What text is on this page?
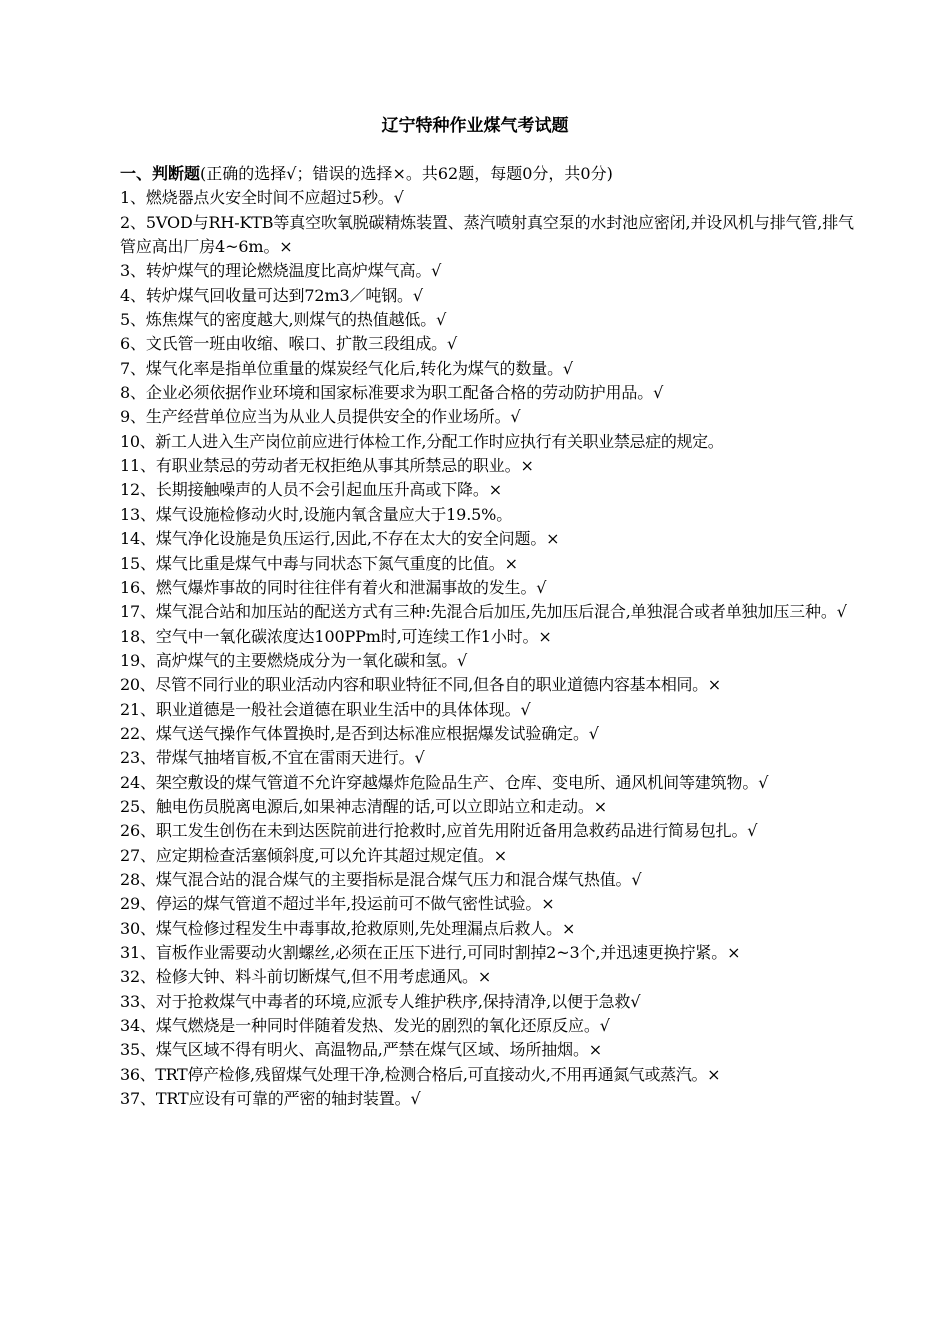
辽宁特种作业煤气考试题
一、判断题(正确的选择√；错误的选择×。共62题，每题0分，共0分)

1、燃烧器点火安全时间不应超过5秒。√

2、5VOD与RH-KTB等真空吹氧脱碳精炼装置、蒸汽喷射真空泵的水封池应密闭,并设风机与排气管,排气管应高出厂房4~6m。×

3、转炉煤气的理论燃烧温度比高炉煤气高。√

4、转炉煤气回收量可达到72m3／吨钢。√

5、炼焦煤气的密度越大,则煤气的热值越低。√

6、文氏管一班由收缩、喉口、扩散三段组成。√

7、煤气化率是指单位重量的煤炭经气化后,转化为煤气的数量。√

8、企业必须依据作业环境和国家标准要求为职工配备合格的劳动防护用品。√

9、生产经营单位应当为从业人员提供安全的作业场所。√

10、新工人进入生产岗位前应进行体检工作,分配工作时应执行有关职业禁忌症的规定。

11、有职业禁忌的劳动者无权拒绝从事其所禁忌的职业。×

12、长期接触噪声的人员不会引起血压升高或下降。×

13、煤气设施检修动火时,设施内氧含量应大于19.5%。

14、煤气净化设施是负压运行,因此,不存在太大的安全问题。×

15、煤气比重是煤气中毒与同状态下氮气重度的比值。×

16、燃气爆炸事故的同时往往伴有着火和泄漏事故的发生。√

17、煤气混合站和加压站的配送方式有三种:先混合后加压,先加压后混合,单独混合或者单独加压三种。√

18、空气中一氧化碳浓度达100PPm时,可连续工作1小时。×

19、高炉煤气的主要燃烧成分为一氧化碳和氢。√

20、尽管不同行业的职业活动内容和职业特征不同,但各自的职业道德内容基本相同。×

21、职业道德是一般社会道德在职业生活中的具体体现。√

22、煤气送气操作气体置换时,是否到达标准应根据爆发试验确定。√

23、带煤气抽堵盲板,不宜在雷雨天进行。√

24、架空敷设的煤气管道不允许穿越爆炸危险品生产、仓库、变电所、通风机间等建筑物。√

25、触电伤员脱离电源后,如果神志清醒的话,可以立即站立和走动。×

26、职工发生创伤在未到达医院前进行抢救时,应首先用附近备用急救药品进行简易包扎。√

27、应定期检查活塞倾斜度,可以允许其超过规定值。×

28、煤气混合站的混合煤气的主要指标是混合煤气压力和混合煤气热值。√

29、停运的煤气管道不超过半年,投运前可不做气密性试验。×

30、煤气检修过程发生中毒事故,抢救原则,先处理漏点后救人。×

31、盲板作业需要动火割螺丝,必须在正压下进行,可同时割掉2~3个,并迅速更换拧紧。×

32、检修大钟、料斗前切断煤气,但不用考虑通风。×

33、对于抢救煤气中毒者的环境,应派专人维护秩序,保持清净,以便于急救√

34、煤气燃烧是一种同时伴随着发热、发光的剧烈的氧化还原反应。√

35、煤气区域不得有明火、高温物品,严禁在煤气区域、场所抽烟。×

36、TRT停产检修,残留煤气处理干净,检测合格后,可直接动火,不用再通氮气或蒸汽。×

37、TRT应设有可靠的严密的轴封装置。√
